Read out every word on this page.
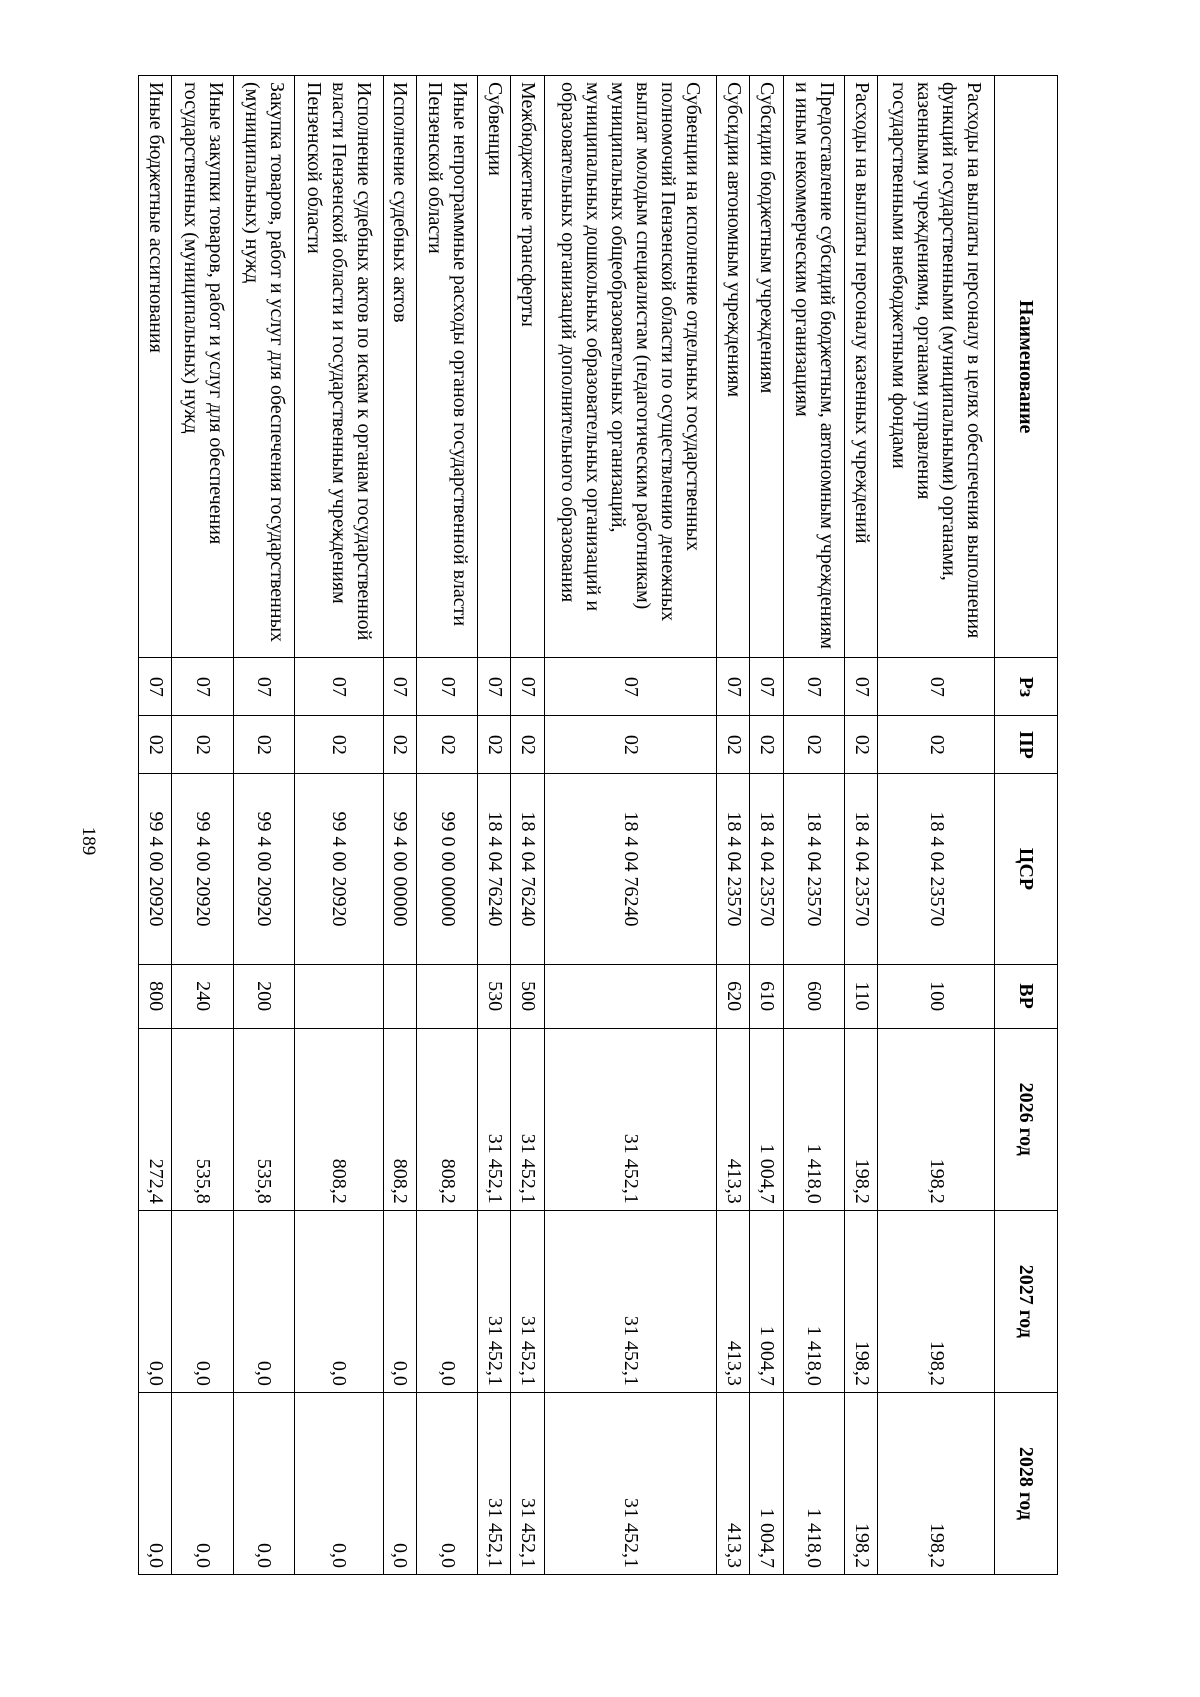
189
Наименование	Рз	ПР	ЦСР	ВР	2026 год	2027 год	2028 год
Расходы на выплаты персоналу в целях обеспечения выполнения функций государственными (муниципальными) органами, казенными учреждениями, органами управления государственными внебюджетными фондами	07	02	18 4 04 23570	100	198,2	198,2	198,2
Расходы на выплаты персоналу казенных учреждений	07	02	18 4 04 23570	110	198,2	198,2	198,2
Предоставление субсидий бюджетным, автономным учреждениям и иным некоммерческим организациям	07	02	18 4 04 23570	600	1 418,0	1 418,0	1 418,0
Субсидии бюджетным учреждениям	07	02	18 4 04 23570	610	1 004,7	1 004,7	1 004,7
Субсидии автономным учреждениям	07	02	18 4 04 23570	620	413,3	413,3	413,3
Субвенции на исполнение отдельных государственных полномочий Пензенской области по осуществлению денежных выплат молодым специалистам (педагогическим работникам) муниципальных общеобразовательных организаций, муниципальных дошкольных образовательных организаций и образовательных организаций дополнительного образования	07	02	18 4 04 76240		31 452,1	31 452,1	31 452,1
Межбюджетные трансферты	07	02	18 4 04 76240	500	31 452,1	31 452,1	31 452,1
Субвенции	07	02	18 4 04 76240	530	31 452,1	31 452,1	31 452,1
Иные непрограммные расходы органов государственной власти Пензенской области	07	02	99 0 00 00000		808,2	0,0	0,0
Исполнение судебных актов	07	02	99 4 00 00000		808,2	0,0	0,0
Исполнение судебных актов по искам к органам государственной власти Пензенской области и государственным учреждениям Пензенской области	07	02	99 4 00 20920		808,2	0,0	0,0
Закупка товаров, работ и услуг для обеспечения государственных (муниципальных) нужд	07	02	99 4 00 20920	200	535,8	0,0	0,0
Иные закупки товаров, работ и услуг для обеспечения государственных (муниципальных) нужд	07	02	99 4 00 20920	240	535,8	0,0	0,0
Иные бюджетные ассигнования	07	02	99 4 00 20920	800	272,4	0,0	0,0
